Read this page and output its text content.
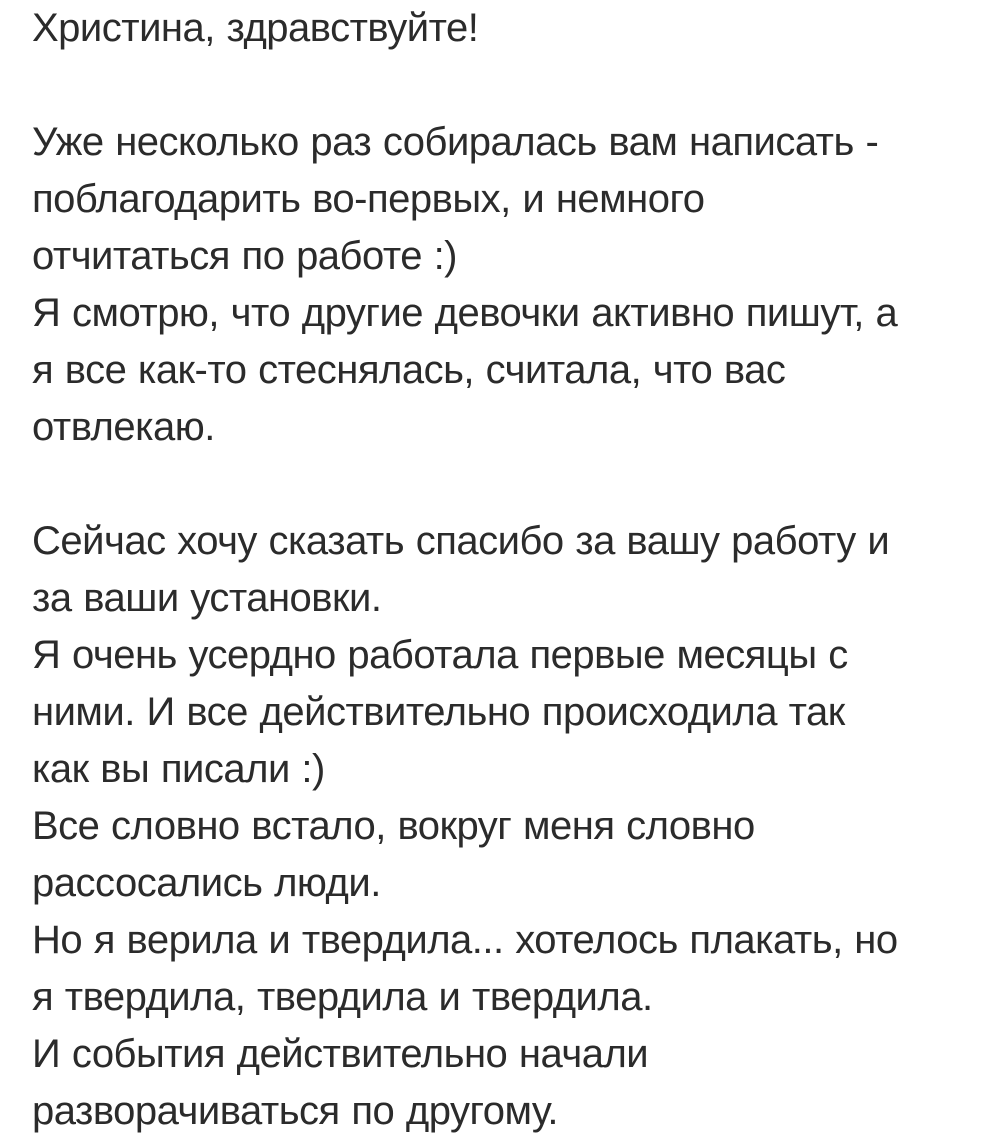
Христина, здравствуйте!
Уже несколько раз собиралась вам написать -
поблагодарить во-первых, и немного
отчитаться по работе :)
Я смотрю, что другие девочки активно пишут, а
я все как-то стеснялась, считала, что вас
отвлекаю.
Сейчас хочу сказать спасибо за вашу работу и
за ваши установки.
Я очень усердно работала первые месяцы с
ними. И все действительно происходила так
как вы писали :)
Все словно встало, вокруг меня словно
рассосались люди.
Но я верила и твердила... хотелось плакать, но
я твердила, твердила и твердила.
И события действительно начали
разворачиваться по другому.
